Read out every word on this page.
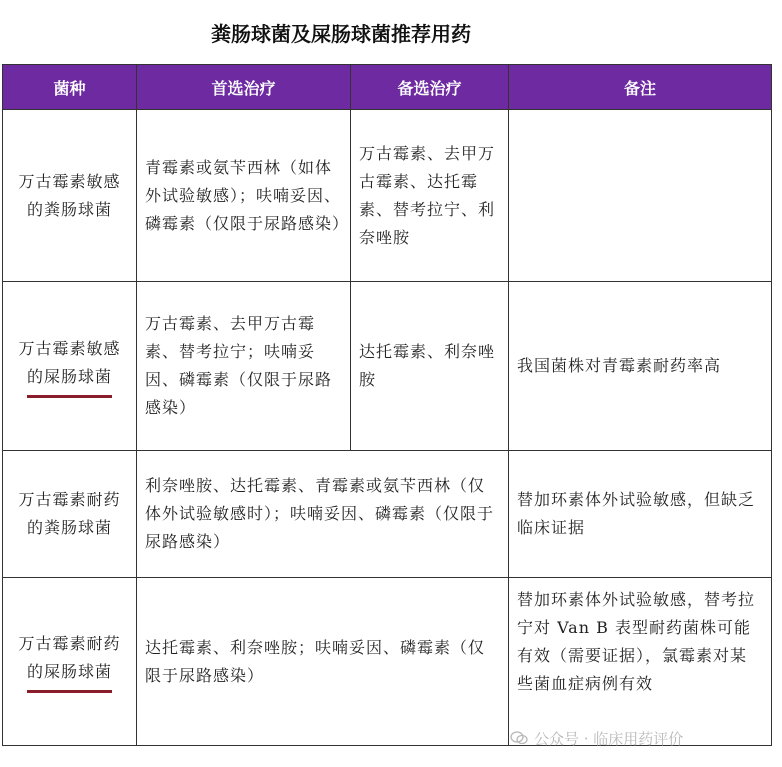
粪肠球菌及屎肠球菌推荐用药
菌种	首选治疗	备选治疗	备注

万古霉素敏感
的粪肠球菌	青霉素或氨苄西林（如体外试验敏感）；呋喃妥因、磷霉素（仅限于尿路感染）	万古霉素、去甲万古霉素、达托霉素、替考拉宁、利奈唑胺	

万古霉素敏感
的屎肠球菌	万古霉素、去甲万古霉素、替考拉宁；呋喃妥因、磷霉素（仅限于尿路感染）	达托霉素、利奈唑胺	我国菌株对青霉素耐药率高

万古霉素耐药
的粪肠球菌	利奈唑胺、达托霉素、青霉素或氨苄西林（仅体外试验敏感时）；呋喃妥因、磷霉素（仅限于尿路感染）		替加环素体外试验敏感，但缺乏临床证据

万古霉素耐药
的屎肠球菌	达托霉素、利奈唑胺；呋喃妥因、磷霉素（仅限于尿路感染）		替加环素体外试验敏感，替考拉宁对 Van B 表型耐药菌株可能有效（需要证据），氯霉素对某些菌血症病例有效
公众号 · 临床用药评价
